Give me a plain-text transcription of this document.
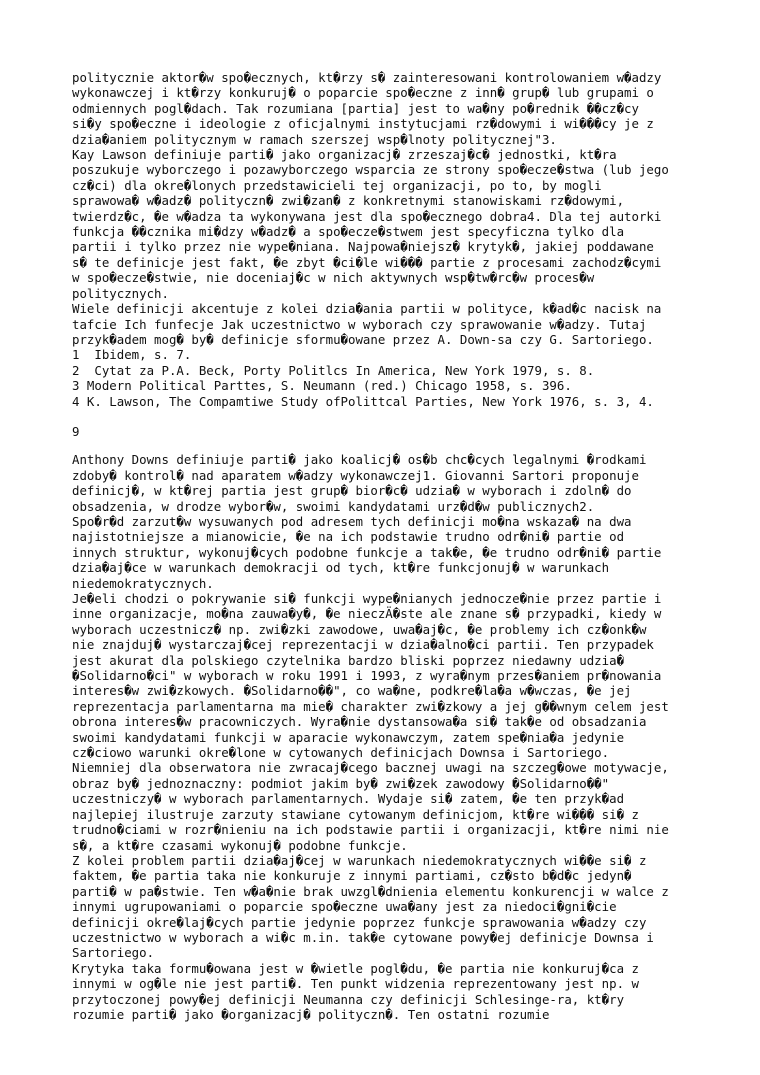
politycznie aktor�w spo�ecznych, kt�rzy s� zainteresowani kontrolowaniem w�adzy
wykonawczej i kt�rzy konkuruj� o poparcie spo�eczne z inn� grup� lub grupami o
odmiennych pogl�dach. Tak rozumiana [partia] jest to wa�ny po�rednik ��cz�cy
si�y spo�eczne i ideologie z oficjalnymi instytucjami rz�dowymi i wi���cy je z
dzia�aniem politycznym w ramach szerszej wsp�lnoty politycznej"3.
Kay Lawson definiuje parti� jako organizacj� zrzeszaj�c� jednostki, kt�ra
poszukuje wyborczego i pozawyborczego wsparcia ze strony spo�ecze�stwa (lub jego
cz�ci) dla okre�lonych przedstawicieli tej organizacji, po to, by mogli
sprawowa� w�adz� polityczn� zwi�zan� z konkretnymi stanowiskami rz�dowymi,
twierdz�c, �e w�adza ta wykonywana jest dla spo�ecznego dobra4. Dla tej autorki
funkcja ��cznika mi�dzy w�adz� a spo�ecze�stwem jest specyficzna tylko dla
partii i tylko przez nie wype�niana. Najpowa�niejsz� krytyk�, jakiej poddawane
s� te definicje jest fakt, �e zbyt �ci�le wi��� partie z procesami zachodz�cymi
w spo�ecze�stwie, nie doceniaj�c w nich aktywnych wsp�tw�rc�w proces�w
politycznych.
Wiele definicji akcentuje z kolei dzia�ania partii w polityce, k�ad�c nacisk na
tafcie Ich funfecje Jak uczestnictwo w wyborach czy sprawowanie w�adzy. Tutaj
przyk�adem mog� by� definicje sformu�owane przez A. Down-sa czy G. Sartoriego.
1  Ibidem, s. 7.
2  Cytat za P.A. Beck, Porty Politlcs In America, New York 1979, s. 8.
3 Modern Political Parttes, S. Neumann (red.) Chicago 1958, s. 396.
4 K. Lawson, The Compamtiwe Study ofPolittcal Parties, New York 1976, s. 3, 4.
9
Anthony Downs definiuje parti� jako koalicj� os�b chc�cych legalnymi �rodkami
zdoby� kontrol� nad aparatem w�adzy wykonawczej1. Giovanni Sartori proponuje
definicj�, w kt�rej partia jest grup� bior�c� udzia� w wyborach i zdoln� do
obsadzenia, w drodze wybor�w, swoimi kandydatami urz�d�w publicznych2.
Spo�r�d zarzut�w wysuwanych pod adresem tych definicji mo�na wskaza� na dwa
najistotniejsze a mianowicie, �e na ich podstawie trudno odr�ni� partie od
innych struktur, wykonuj�cych podobne funkcje a tak�e, �e trudno odr�ni� partie
dzia�aj�ce w warunkach demokracji od tych, kt�re funkcjonuj� w warunkach
niedemokratycznych.
Je�eli chodzi o pokrywanie si� funkcji wype�nianych jednocze�nie przez partie i
inne organizacje, mo�na zauwa�y�, �e nieczÄ�ste ale znane s� przypadki, kiedy w
wyborach uczestnicz� np. zwi�zki zawodowe, uwa�aj�c, �e problemy ich cz�onk�w
nie znajduj� wystarczaj�cej reprezentacji w dzia�alno�ci partii. Ten przypadek
jest akurat dla polskiego czytelnika bardzo bliski poprzez niedawny udzia�
�Solidarno�ci" w wyborach w roku 1991 i 1993, z wyra�nym przes�aniem pr�nowania
interes�w zwi�zkowych. �Solidarno��", co wa�ne, podkre�la�a w�wczas, �e jej
reprezentacja parlamentarna ma mie� charakter zwi�zkowy a jej g��wnym celem jest
obrona interes�w pracowniczych. Wyra�nie dystansowa�a si� tak�e od obsadzania
swoimi kandydatami funkcji w aparacie wykonawczym, zatem spe�nia�a jedynie
cz�ciowo warunki okre�lone w cytowanych definicjach Downsa i Sartoriego.
Niemniej dla obserwatora nie zwracaj�cego bacznej uwagi na szczeg�owe motywacje,
obraz by� jednoznaczny: podmiot jakim by� zwi�zek zawodowy �Solidarno��"
uczestniczy� w wyborach parlamentarnych. Wydaje si� zatem, �e ten przyk�ad
najlepiej ilustruje zarzuty stawiane cytowanym definicjom, kt�re wi��� si� z
trudno�ciami w rozr�nieniu na ich podstawie partii i organizacji, kt�re nimi nie
s�, a kt�re czasami wykonuj� podobne funkcje.
Z kolei problem partii dzia�aj�cej w warunkach niedemokratycznych wi��e si� z
faktem, �e partia taka nie konkuruje z innymi partiami, cz�sto b�d�c jedyn�
parti� w pa�stwie. Ten w�a�nie brak uwzgl�dnienia elementu konkurencji w walce z
innymi ugrupowaniami o poparcie spo�eczne uwa�any jest za niedoci�gni�cie
definicji okre�laj�cych partie jedynie poprzez funkcje sprawowania w�adzy czy
uczestnictwo w wyborach a wi�c m.in. tak�e cytowane powy�ej definicje Downsa i
Sartoriego.
Krytyka taka formu�owana jest w �wietle pogl�du, �e partia nie konkuruj�ca z
innymi w og�le nie jest parti�. Ten punkt widzenia reprezentowany jest np. w
przytoczonej powy�ej definicji Neumanna czy definicji Schlesinge-ra, kt�ry
rozumie parti� jako �organizacj� polityczn�. Ten ostatni rozumie
